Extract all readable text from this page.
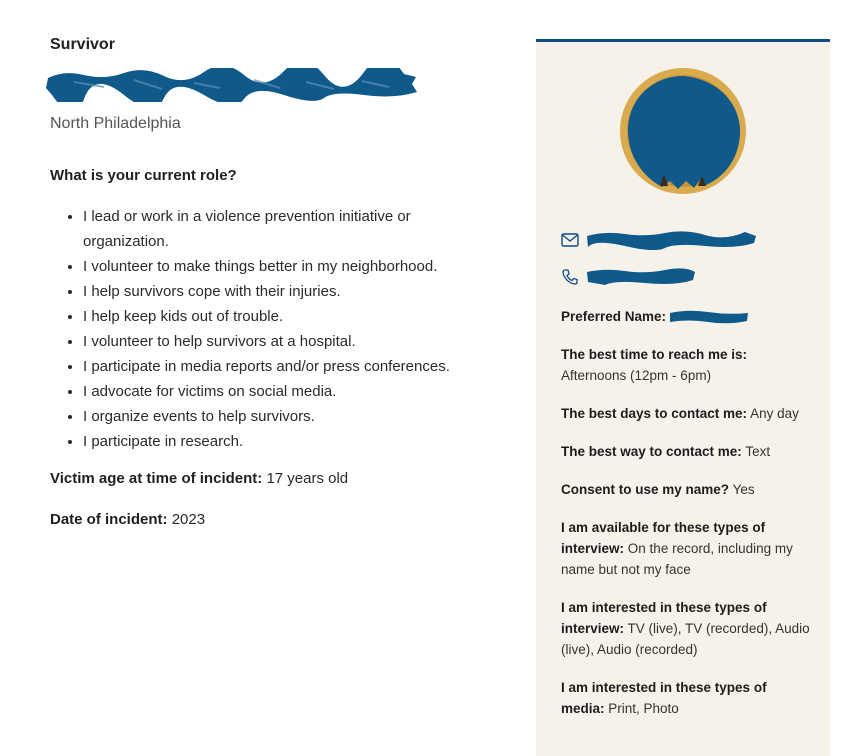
Survivor
North Philadelphia
What is your current role?
• I lead or work in a violence prevention initiative or organization.
• I volunteer to make things better in my neighborhood.
• I help survivors cope with their injuries.
• I help keep kids out of trouble.
• I volunteer to help survivors at a hospital.
• I participate in media reports and/or press conferences.
• I advocate for victims on social media.
• I organize events to help survivors.
• I participate in research.
Victim age at time of incident: 17 years old
Date of incident: 2023

Preferred Name:

The best time to reach me is: Afternoons (12pm - 6pm)

The best days to contact me: Any day

The best way to contact me: Text

Consent to use my name? Yes

I am available for these types of interview: On the record, including my name but not my face

I am interested in these types of interview: TV (live), TV (recorded), Audio (live), Audio (recorded)

I am interested in these types of media: Print, Photo
